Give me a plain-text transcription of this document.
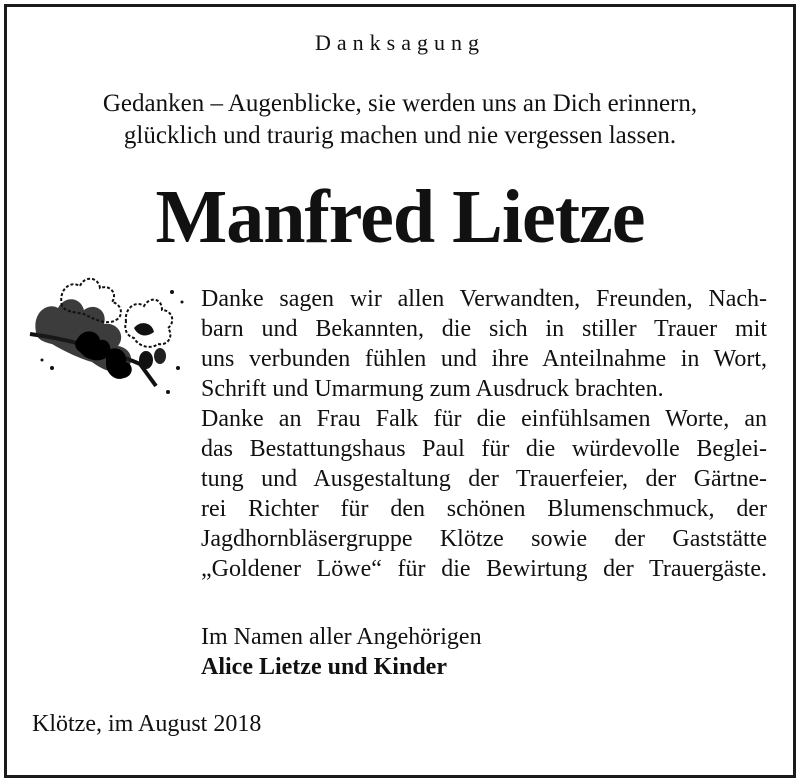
Danksagung
Gedanken – Augenblicke, sie werden uns an Dich erinnern,
glücklich und traurig machen und nie vergessen lassen.
Manfred Lietze
Danke sagen wir allen Verwandten, Freunden, Nach-
barn und Bekannten, die sich in stiller Trauer mit
uns verbunden fühlen und ihre Anteilnahme in Wort,
Schrift und Umarmung zum Ausdruck brachten.
Danke an Frau Falk für die einfühlsamen Worte, an
das Bestattungshaus Paul für die würdevolle Beglei-
tung und Ausgestaltung der Trauerfeier, der Gärtne-
rei Richter für den schönen Blumenschmuck, der
Jagdhornbläsergruppe Klötze sowie der Gaststätte
„Goldener Löwe“ für die Bewirtung der Trauergäste.
Im Namen aller Angehörigen
Alice Lietze und Kinder
Klötze, im August 2018
